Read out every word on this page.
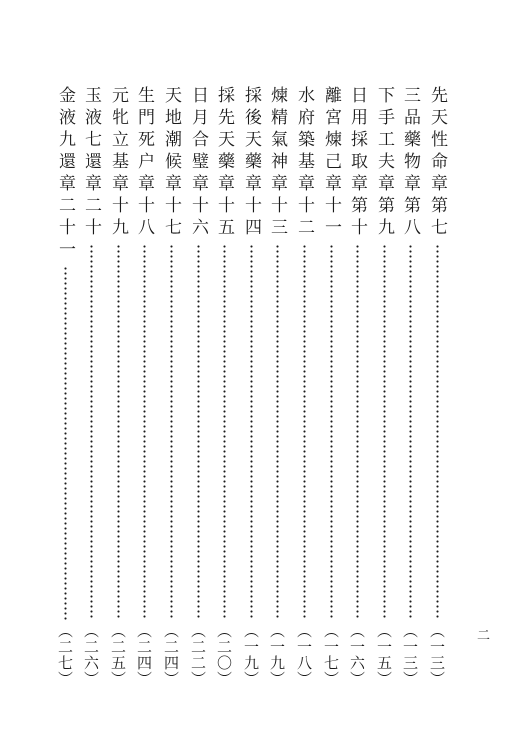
先天性命章第七
（一三）
三品藥物章第八
（一三）
下手工夫章第九
（一五）
日用採取章第十
（一六）
離宮煉己章十一
（一七）
水府築基章十二
（一八）
煉精氣神章十三
（一九）
採後天藥章十四
（一九）
採先天藥章十五
（二〇）
日月合璧章十六
（二二）
天地潮候章十七
（二四）
生門死户章十八
（二四）
元牝立基章十九
（二五）
玉液七還章二十
（二六）
金液九還章二十一
（二七）	二
